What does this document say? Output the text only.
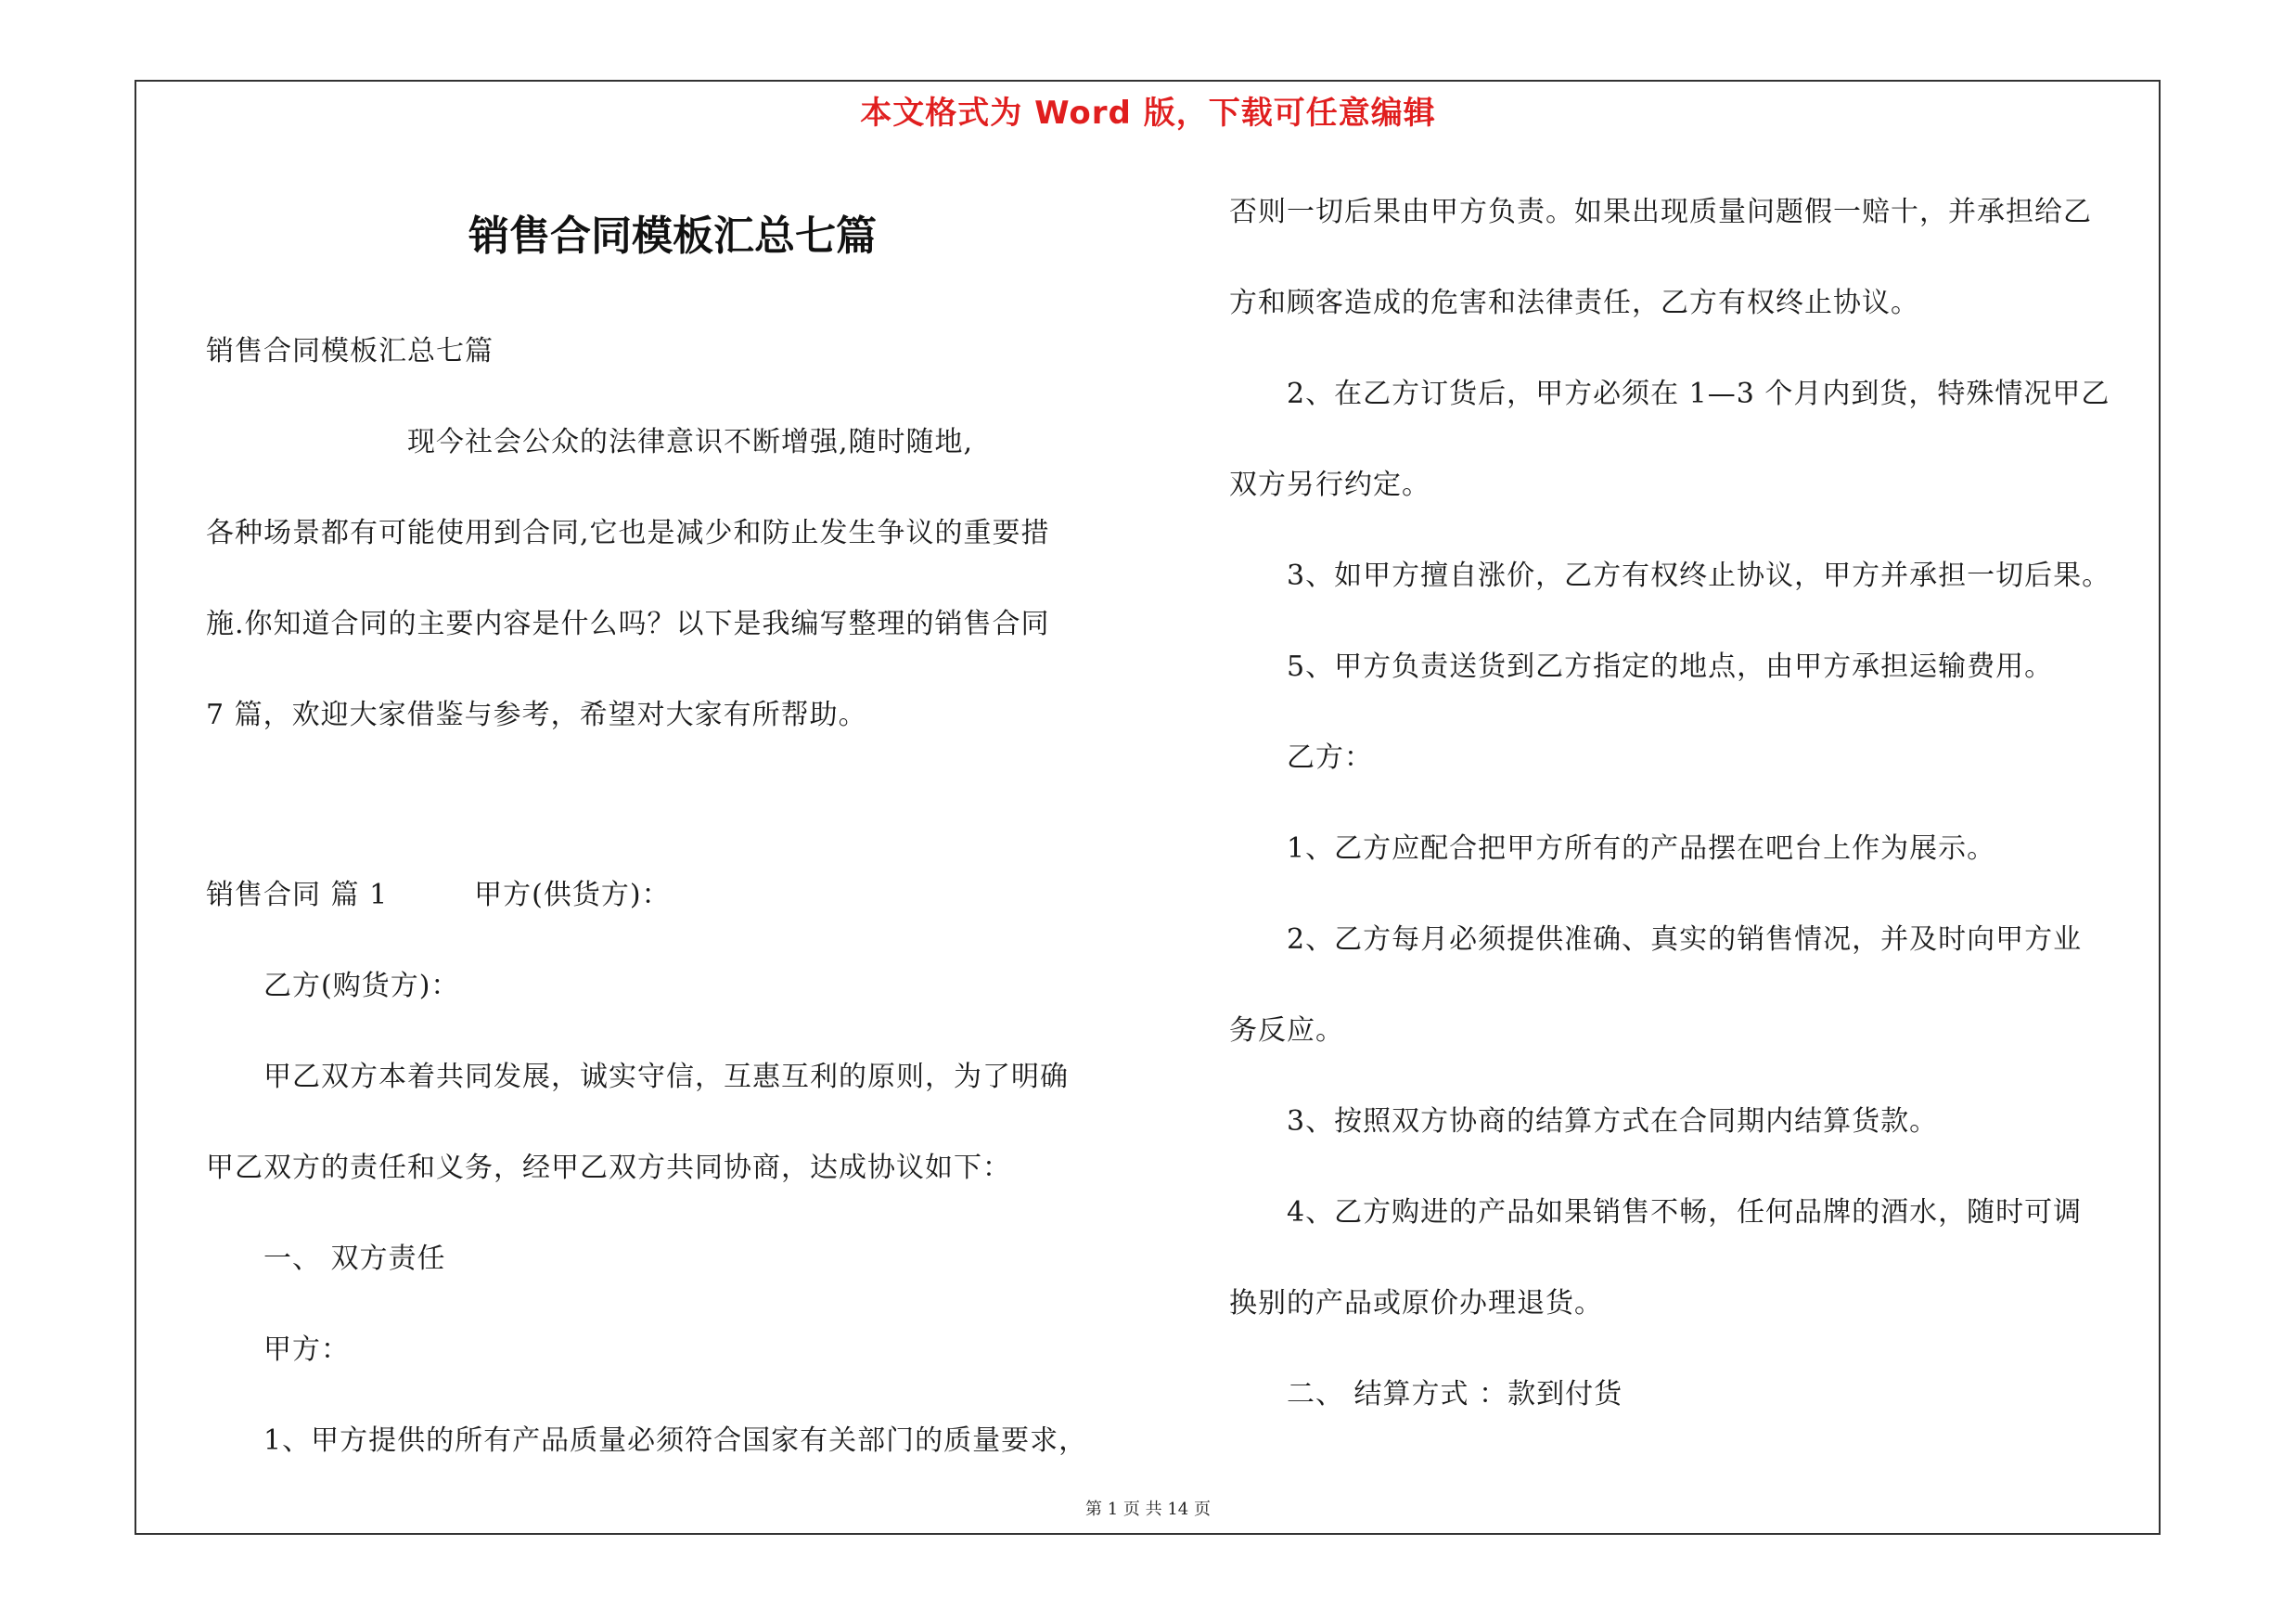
本文格式为 Word 版，下载可任意编辑
销售合同模板汇总七篇
销售合同模板汇总七篇
　　　　　　　现今社会公众的法律意识不断增强,随时随地,
各种场景都有可能使用到合同,它也是减少和防止发生争议的重要措
施.你知道合同的主要内容是什么吗？以下是我编写整理的销售合同
7 篇，欢迎大家借鉴与参考，希望对大家有所帮助。
销售合同 篇 1　　　甲方(供货方)：
　　乙方(购货方)：
　　甲乙双方本着共同发展，诚实守信，互惠互利的原则，为了明确
甲乙双方的责任和义务，经甲乙双方共同协商，达成协议如下：
　　一、 双方责任
　　甲方：
　　1、甲方提供的所有产品质量必须符合国家有关部门的质量要求，
否则一切后果由甲方负责。如果出现质量问题假一赔十，并承担给乙
方和顾客造成的危害和法律责任，乙方有权终止协议。
　　2、在乙方订货后，甲方必须在 1—3 个月内到货，特殊情况甲乙
双方另行约定。
　　3、如甲方擅自涨价，乙方有权终止协议，甲方并承担一切后果。
　　5、甲方负责送货到乙方指定的地点，由甲方承担运输费用。
　　乙方：
　　1、乙方应配合把甲方所有的产品摆在吧台上作为展示。
　　2、乙方每月必须提供准确、真实的销售情况，并及时向甲方业
务反应。
　　3、按照双方协商的结算方式在合同期内结算货款。
　　4、乙方购进的产品如果销售不畅，任何品牌的酒水，随时可调
换别的产品或原价办理退货。
　　二、 结算方式 ：款到付货
第 1 页 共 14 页
